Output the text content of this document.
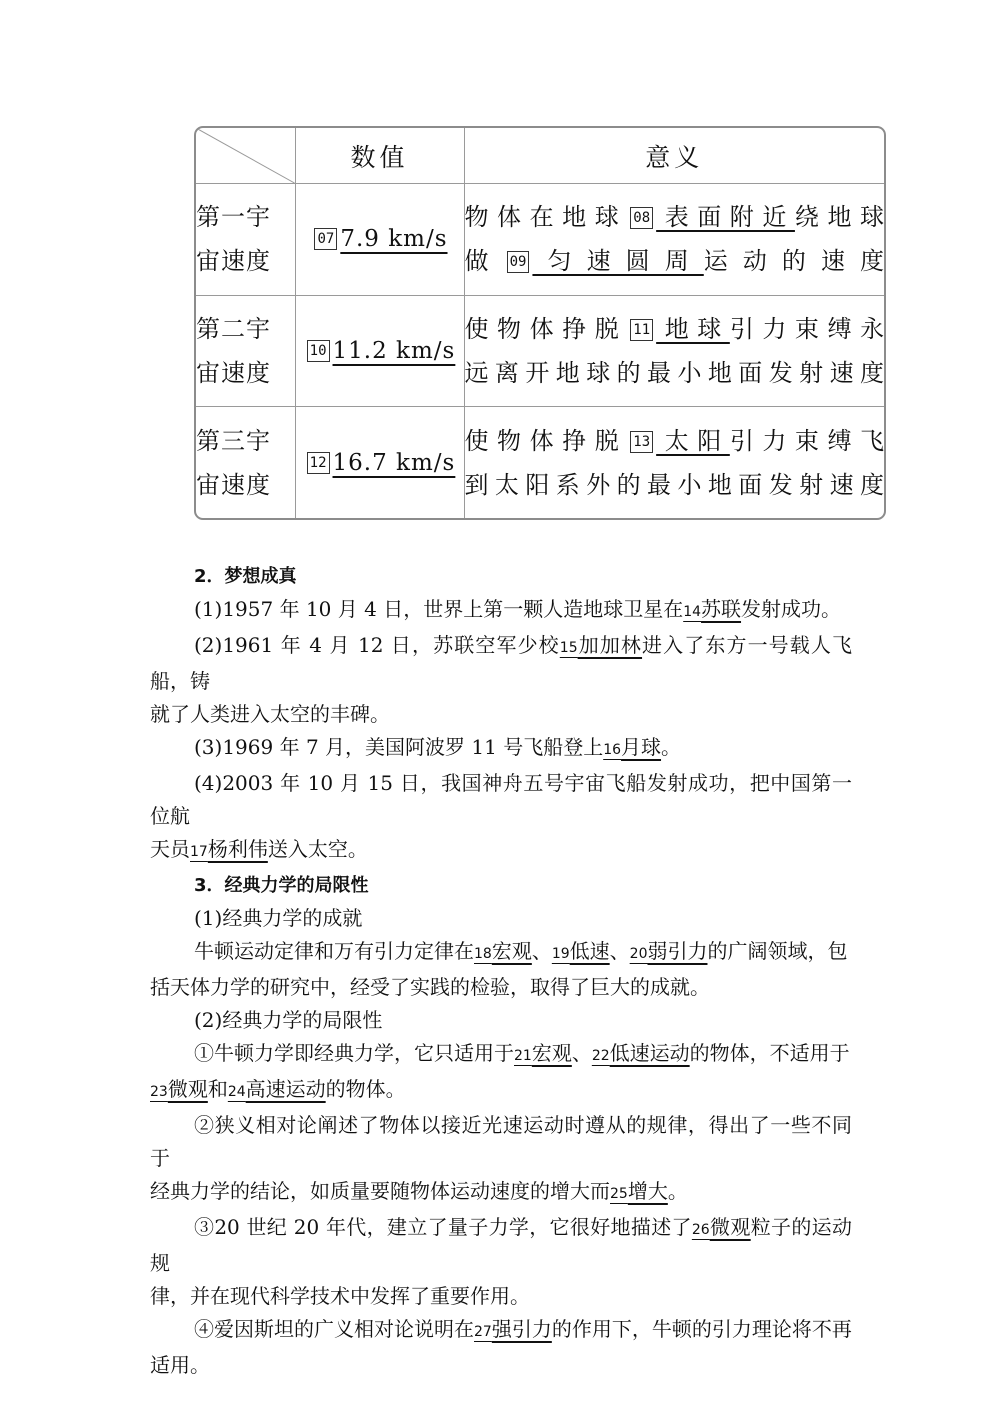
	数值	意义
第一宇
宙速度	07 7.9 km/s	物体在地球 08 表面附近绕地球
做 09 匀速圆周运动的速度

第二宇
宙速度	10 11.2 km/s	使物体挣脱 11 地球引力束缚永
远离开地球的最小地面发射速度

第三宇
宙速度	12 16.7 km/s	使物体挣脱 13 太阳引力束缚飞
到太阳系外的最小地面发射速度

2．梦想成真

(1)1957 年 10 月 4 日，世界上第一颗人造地球卫星在14苏联发射成功。

(2)1961 年 4 月 12 日，苏联空军少校15加加林进入了东方一号载人飞船，铸

就了人类进入太空的丰碑。

(3)1969 年 7 月，美国阿波罗 11 号飞船登上16月球。

(4)2003 年 10 月 15 日，我国神舟五号宇宙飞船发射成功，把中国第一位航

天员17杨利伟送入太空。

3．经典力学的局限性

(1)经典力学的成就

牛顿运动定律和万有引力定律在18宏观、19低速、20弱引力的广阔领域，包

括天体力学的研究中，经受了实践的检验，取得了巨大的成就。

(2)经典力学的局限性

①牛顿力学即经典力学，它只适用于21宏观、22低速运动的物体，不适用于

23微观和24高速运动的物体。

②狭义相对论阐述了物体以接近光速运动时遵从的规律，得出了一些不同于

经典力学的结论，如质量要随物体运动速度的增大而25增大。

③20 世纪 20 年代，建立了量子力学，它很好地描述了26微观粒子的运动规

律，并在现代科学技术中发挥了重要作用。

④爱因斯坦的广义相对论说明在27强引力的作用下，牛顿的引力理论将不再

适用。
